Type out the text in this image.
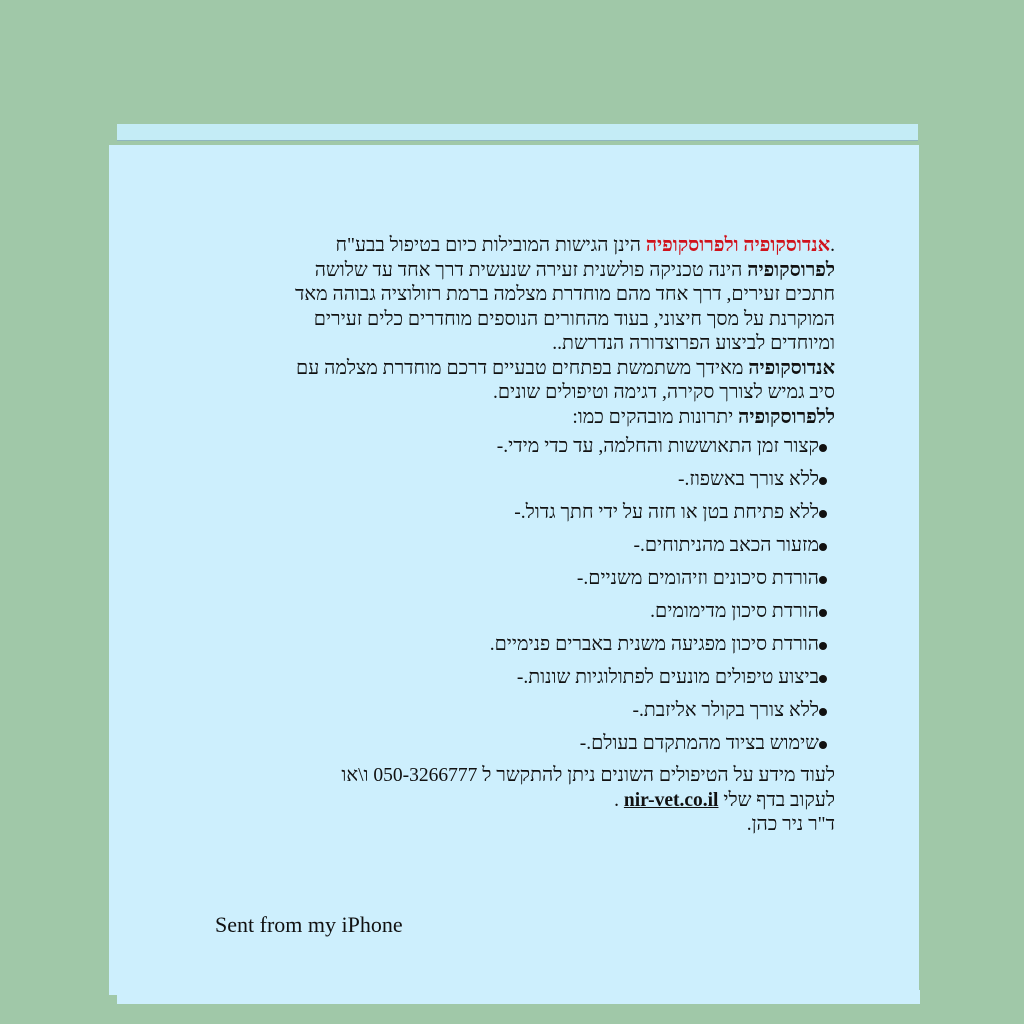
.אנדוסקופיה ולפרוסקופיה הינן הגישות המובילות כיום בטיפול בבע"ח

לפרוסקופיה הינה טכניקה פולשנית זעירה שנעשית דרך אחד עד שלושה
חתכים זעירים, דרך אחד מהם מוחדרת מצלמה ברמת רזולוציה גבוהה מאד
המוקרנת על מסך חיצוני, בעוד מהחורים הנוספים מוחדרים כלים זעירים
ומיוחדים לביצוע הפרוצדורה הנדרשת..

אנדוסקופיה מאידך משתמשת בפתחים טבעיים דרכם מוחדרת מצלמה עם
סיב גמיש לצורך סקירה, דגימה וטיפולים שונים.

ללפרוסקופיה יתרונות מובהקים כמו:

קצור זמן התאוששות והחלמה, עד כדי מידי.-
ללא צורך באשפוז.-
ללא פתיחת בטן או חזה על ידי חתך גדול.-
מזעור הכאב מהניתוחים.-
הורדת סיכונים וזיהומים משניים.-
הורדת סיכון מדימומים.
הורדת סיכון מפגיעה משנית באברים פנימיים.
ביצוע טיפולים מונעים לפתולוגיות שונות.-
ללא צורך בקולר אליזבת.-
שימוש בציוד מהמתקדם בעולם.-

לעוד מידע על הטיפולים השונים ניתן להתקשר ל 050-3266777 ו\או
לעקוב בדף שלי nir-vet.co.il .
ד"ר ניר כהן.

Sent from my iPhone
